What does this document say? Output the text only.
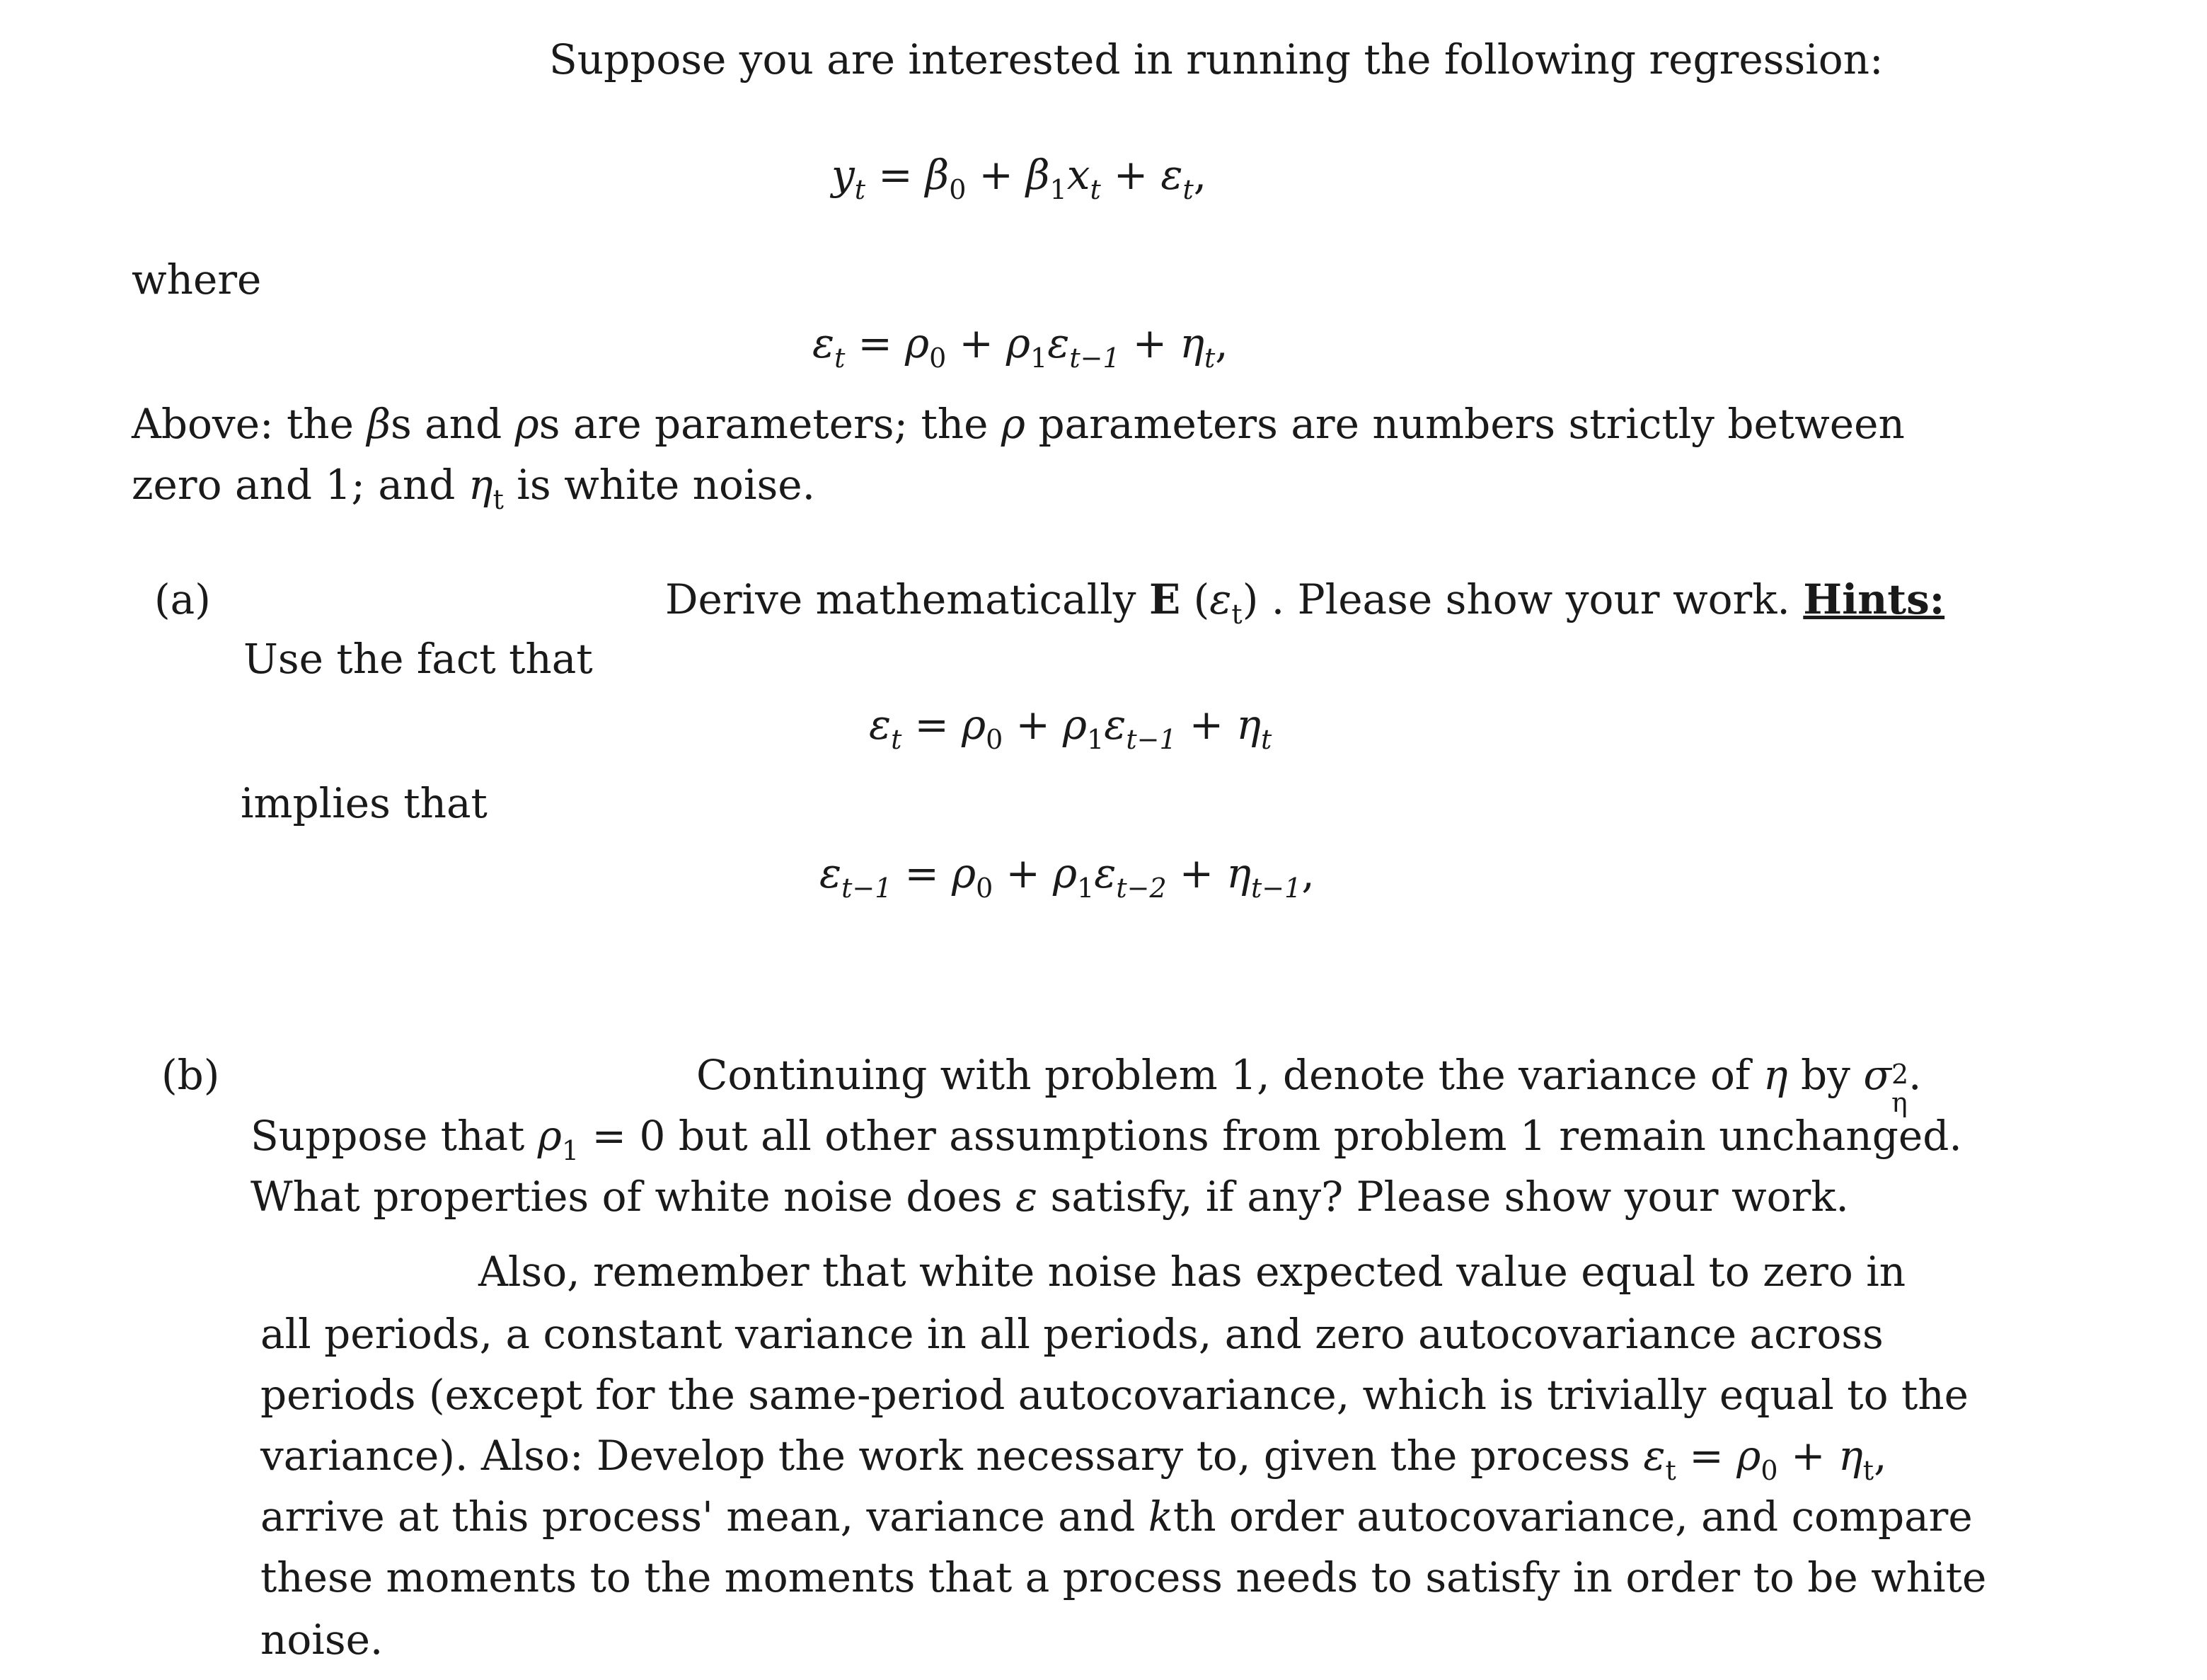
Suppose you are interested in running the following regression:
$y_t = \beta_0 + \beta_1x_t + \varepsilon_t$,
where
$\varepsilon_t = \rho_0 + \rho_1\varepsilon_{t-1} + \eta_t$,
Above: the βs and ρs are parameters; the ρ parameters are numbers strictly between
zero and 1; and $\eta_t$ is white noise.
(a)	Derive mathematically E $(\varepsilon_t)$ . Please show your work. Hints:
Use the fact that
$\varepsilon_t = \rho_0 + \rho_1\varepsilon_{t-1} + \eta_t$
implies that
$\varepsilon_{t-1} = \rho_0 + \rho_1\varepsilon_{t-2} + \eta_{t-1}$,
(b)	Continuing with problem 1, denote the variance of η by σ 2
η
.
Suppose that $\rho_1 = 0$ but all other assumptions from problem 1 remain unchanged.
What properties of white noise does ε satisfy, if any? Please show your work.
Also, remember that white noise has expected value equal to zero in
all periods, a constant variance in all periods, and zero autocovariance across
periods (except for the same-period autocovariance, which is trivially equal to the
variance). Also: Develop the work necessary to, given the process $\varepsilon_t = \rho_0 + \eta_t$,
arrive at this process' mean, variance and kth order autocovariance, and compare
these moments to the moments that a process needs to satisfy in order to be white
noise.
